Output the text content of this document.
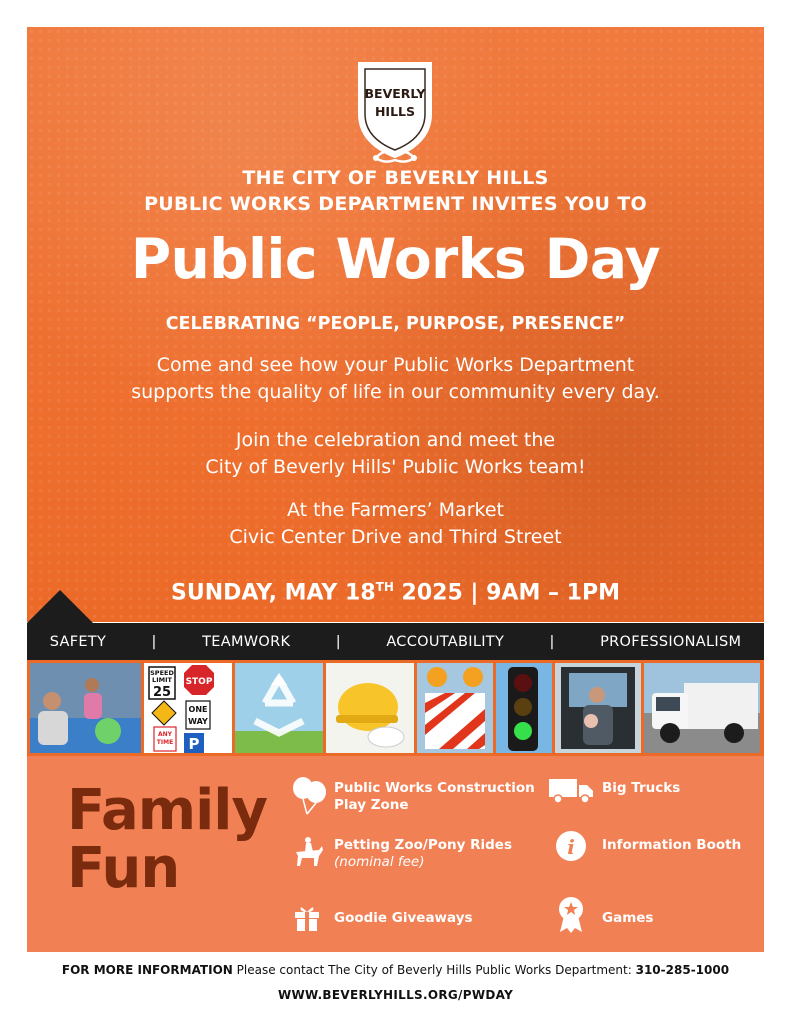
BEVERLY
HILLS
THE CITY OF BEVERLY HILLS
PUBLIC WORKS DEPARTMENT INVITES YOU TO
Public Works Day
CELEBRATING “PEOPLE, PURPOSE, PRESENCE”
Come and see how your Public Works Department
supports the quality of life in our community every day.
Join the celebration and meet the
City of Beverly Hills' Public Works team!
At the Farmers’ Market
Civic Center Drive and Third Street
SUNDAY, MAY 18TH 2025 | 9AM – 1PM
SAFETY	|	TEAMWORK	|	ACCOUTABILITY	|	PROFESSIONALISM
SPEED
LIMIT
25
STOP
ONE
WAY
ANY
TIME P
Family
Fun
Public Works Construction
Play Zone
Big Trucks
Petting Zoo/Pony Rides
(nominal fee)
i Information Booth
Goodie Giveaways	Games
FOR MORE INFORMATION Please contact The City of Beverly Hills Public Works Department: 310-285-1000
WWW.BEVERLYHILLS.ORG/PWDAY
